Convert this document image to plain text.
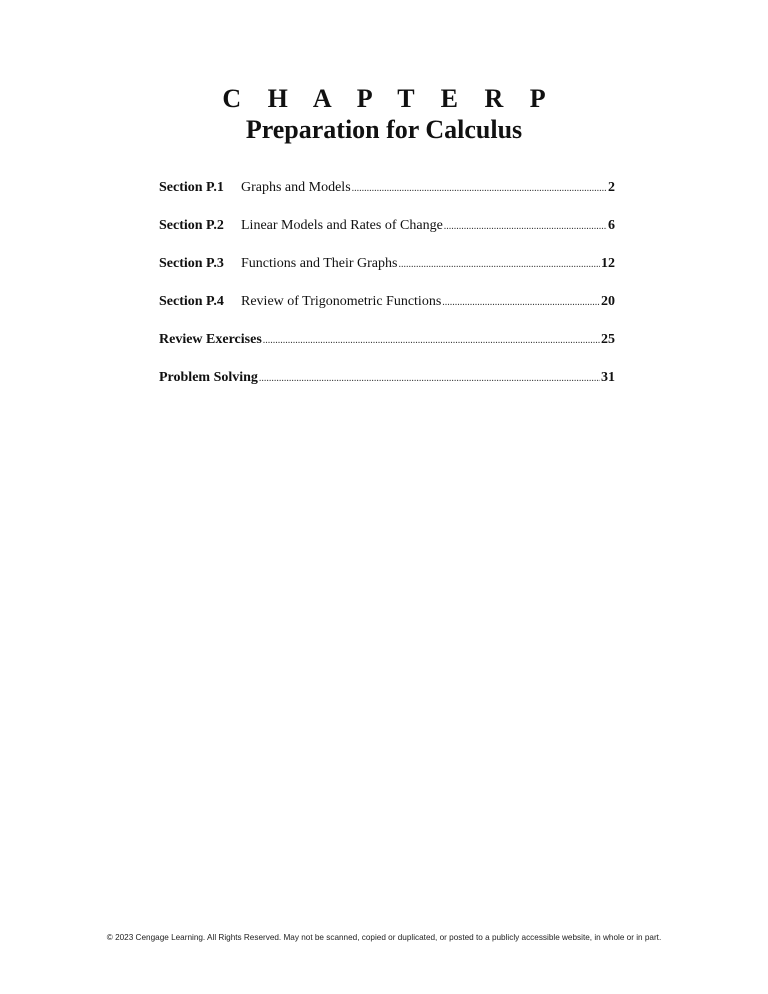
C H A P T E R P
Preparation for Calculus
Section P.1	Graphs and Models .....	2
Section P.2	Linear Models and Rates of Change .....	6
Section P.3	Functions and Their Graphs .....	12
Section P.4	Review of Trigonometric Functions .....	20
Review Exercises .....	25
Problem Solving .....	31
© 2023 Cengage Learning. All Rights Reserved. May not be scanned, copied or duplicated, or posted to a publicly accessible website, in whole or in part.
